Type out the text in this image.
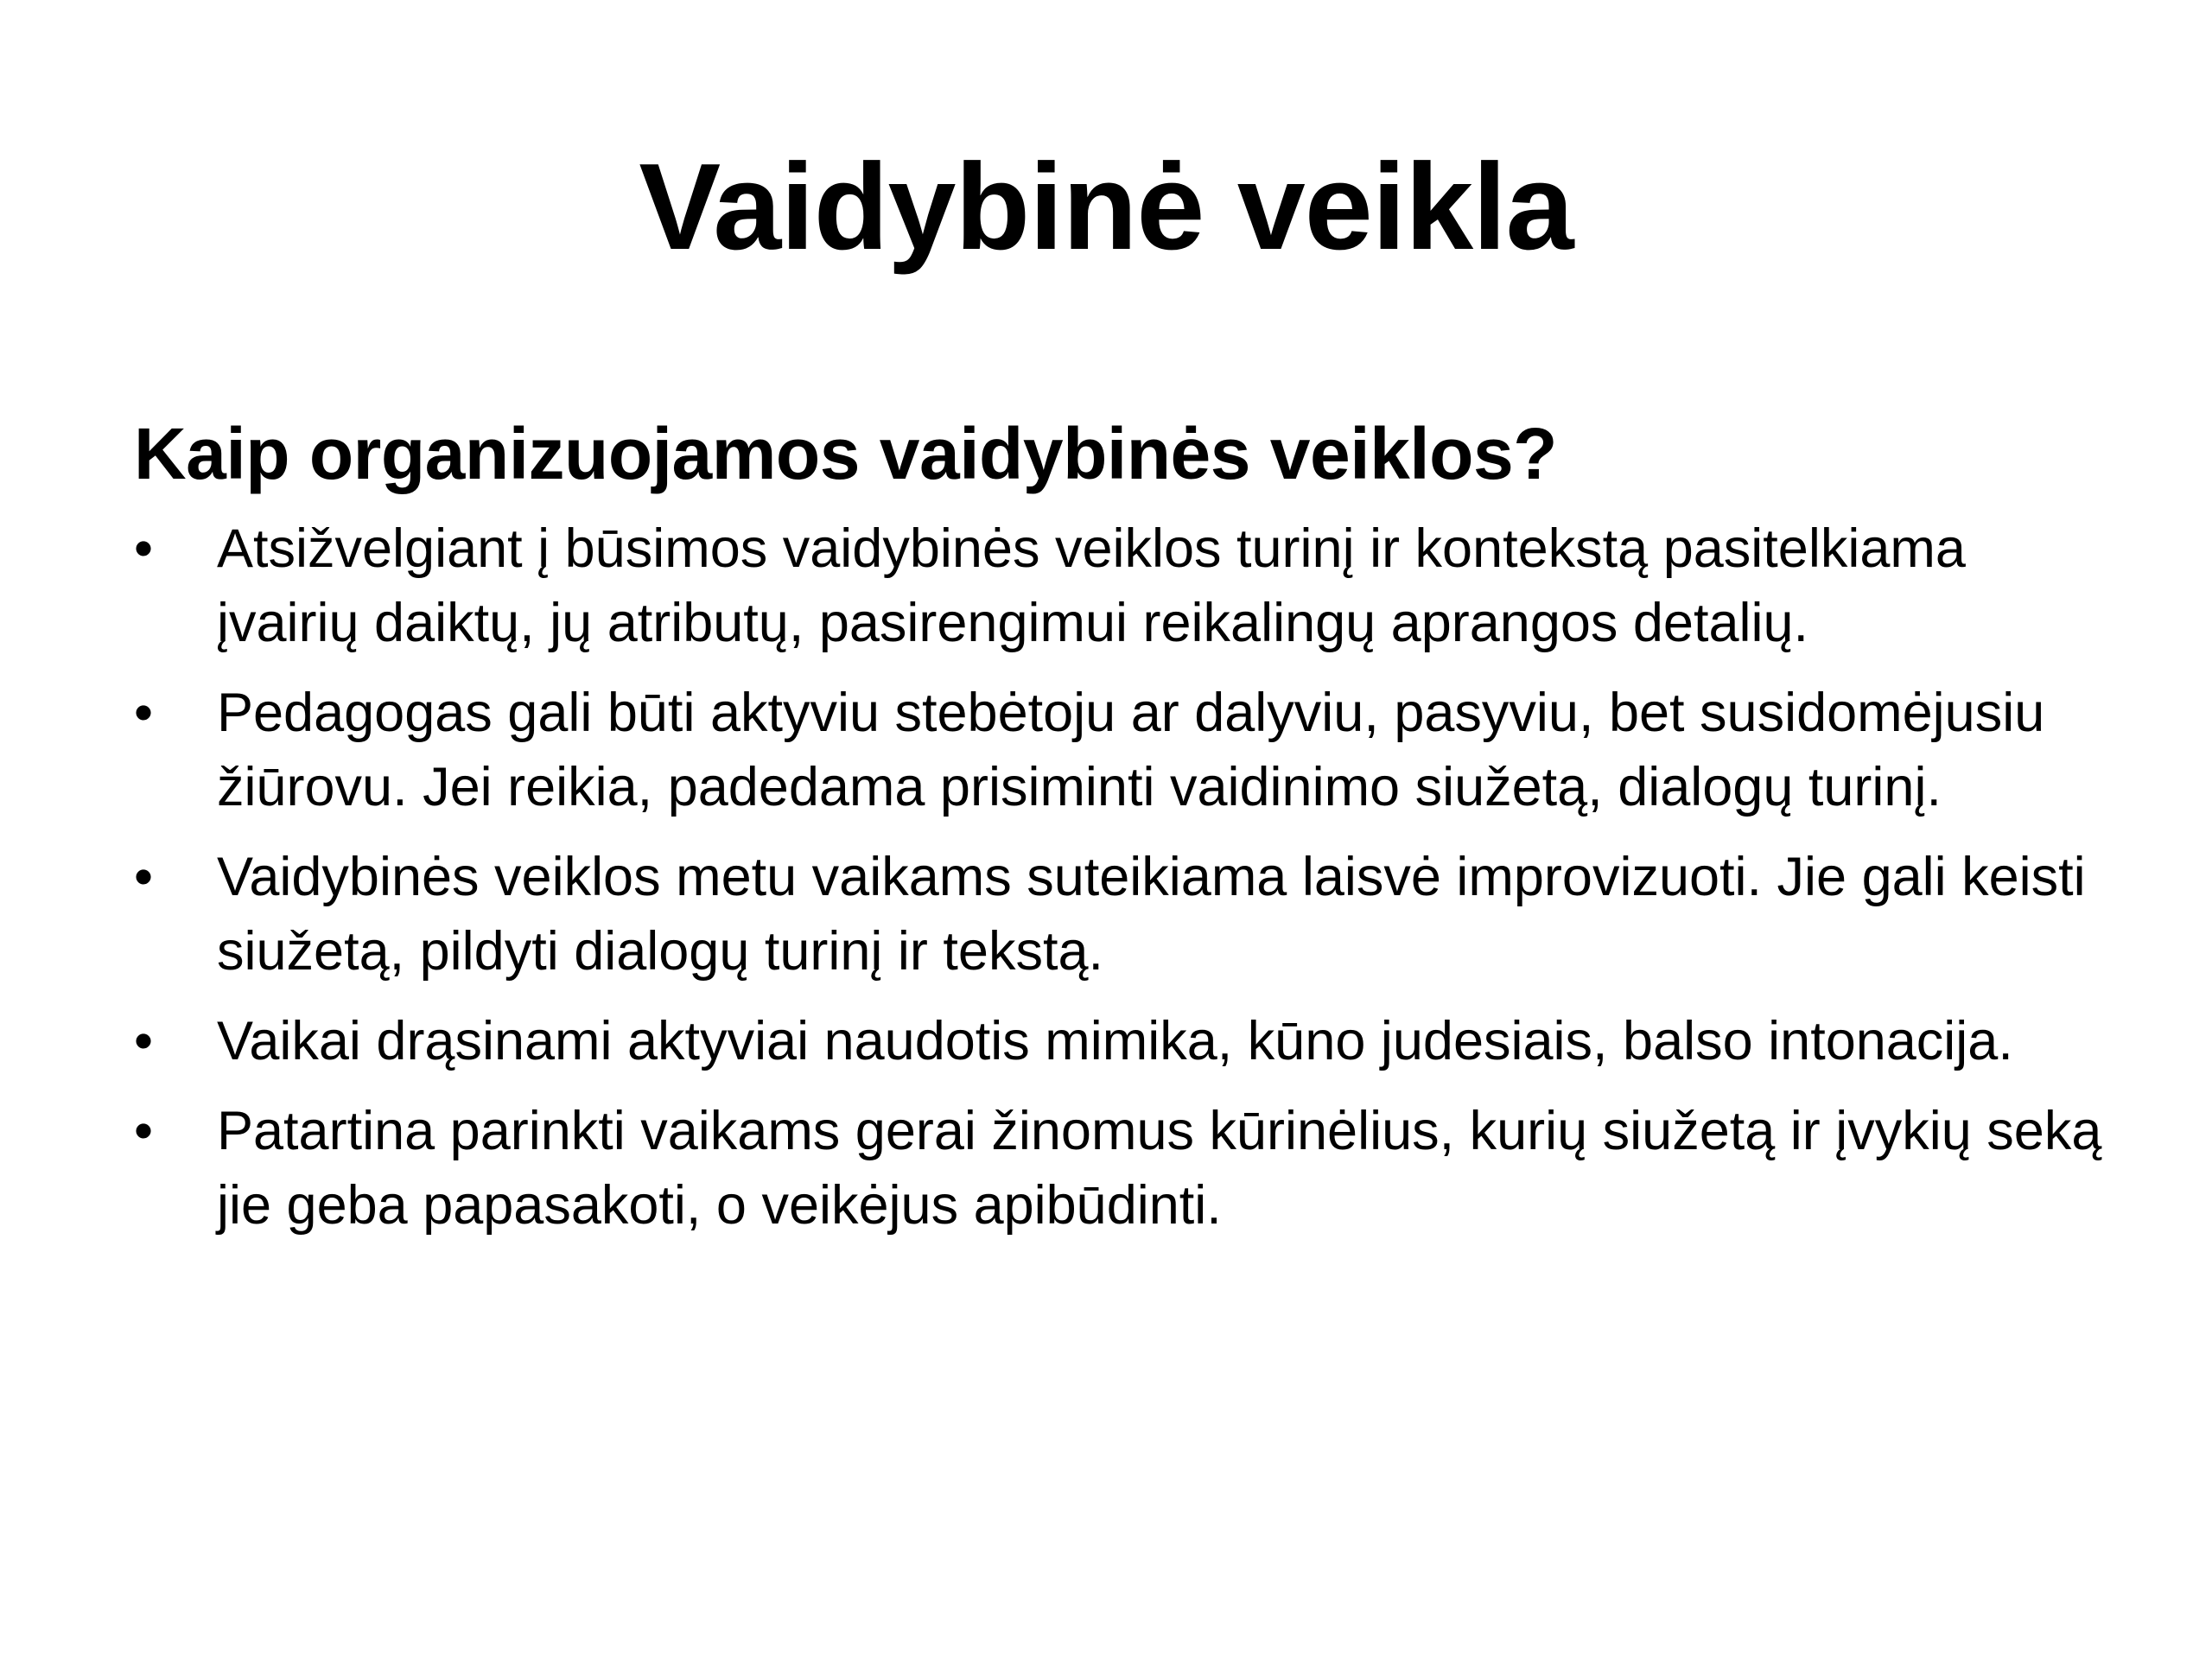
Vaidybinė veikla
Kaip organizuojamos vaidybinės veiklos?
• Atsižvelgiant į būsimos vaidybinės veiklos turinį ir kontekstą pasitelkiama įvairių daiktų, jų atributų, pasirengimui reikalingų aprangos detalių.
• Pedagogas gali būti aktyviu stebėtoju ar dalyviu, pasyviu, bet susidomėjusiu žiūrovu. Jei reikia, padedama prisiminti vaidinimo siužetą, dialogų turinį.
• Vaidybinės veiklos metu vaikams suteikiama laisvė improvizuoti. Jie gali keisti siužetą, pildyti dialogų turinį ir tekstą.
• Vaikai drąsinami aktyviai naudotis mimika, kūno judesiais, balso intonacija.
• Patartina parinkti vaikams gerai žinomus kūrinėlius, kurių siužetą ir įvykių seką jie geba papasakoti, o veikėjus apibūdinti.
